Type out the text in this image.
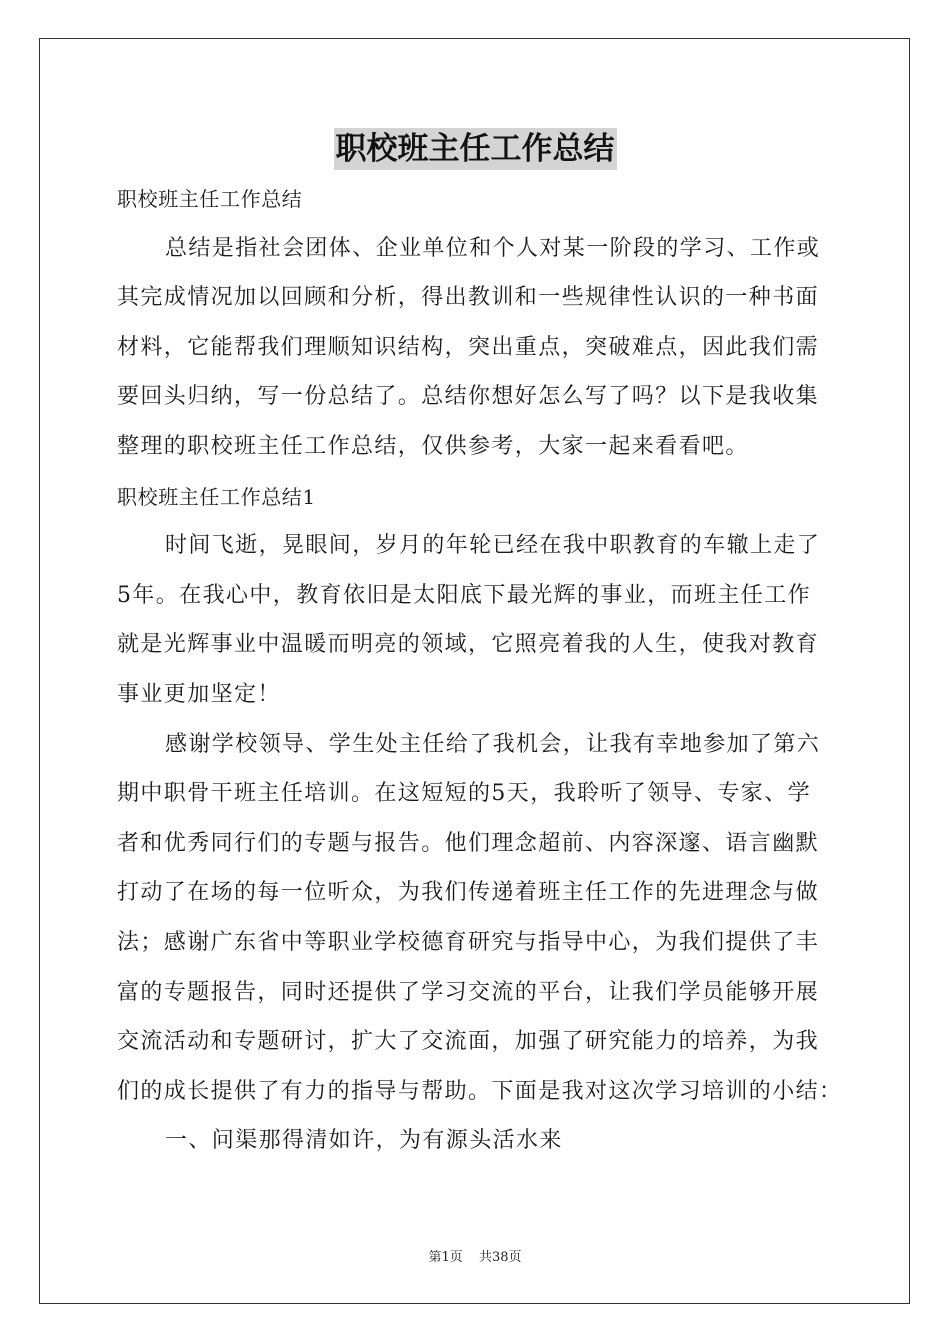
职校班主任工作总结
职校班主任工作总结
总结是指社会团体、企业单位和个人对某一阶段的学习、工作或
其完成情况加以回顾和分析，得出教训和一些规律性认识的一种书面
材料，它能帮我们理顺知识结构，突出重点，突破难点，因此我们需
要回头归纳，写一份总结了。总结你想好怎么写了吗？以下是我收集
整理的职校班主任工作总结，仅供参考，大家一起来看看吧。
职校班主任工作总结1
时间飞逝，晃眼间，岁月的年轮已经在我中职教育的车辙上走了
5年。在我心中，教育依旧是太阳底下最光辉的事业，而班主任工作
就是光辉事业中温暖而明亮的领域，它照亮着我的人生，使我对教育
事业更加坚定！
感谢学校领导、学生处主任给了我机会，让我有幸地参加了第六
期中职骨干班主任培训。在这短短的5天，我聆听了领导、专家、学
者和优秀同行们的专题与报告。他们理念超前、内容深邃、语言幽默
打动了在场的每一位听众，为我们传递着班主任工作的先进理念与做
法；感谢广东省中等职业学校德育研究与指导中心，为我们提供了丰
富的专题报告，同时还提供了学习交流的平台，让我们学员能够开展
交流活动和专题研讨，扩大了交流面，加强了研究能力的培养，为我
们的成长提供了有力的指导与帮助。下面是我对这次学习培训的小结：
一、问渠那得清如许，为有源头活水来
第1页 共38页
